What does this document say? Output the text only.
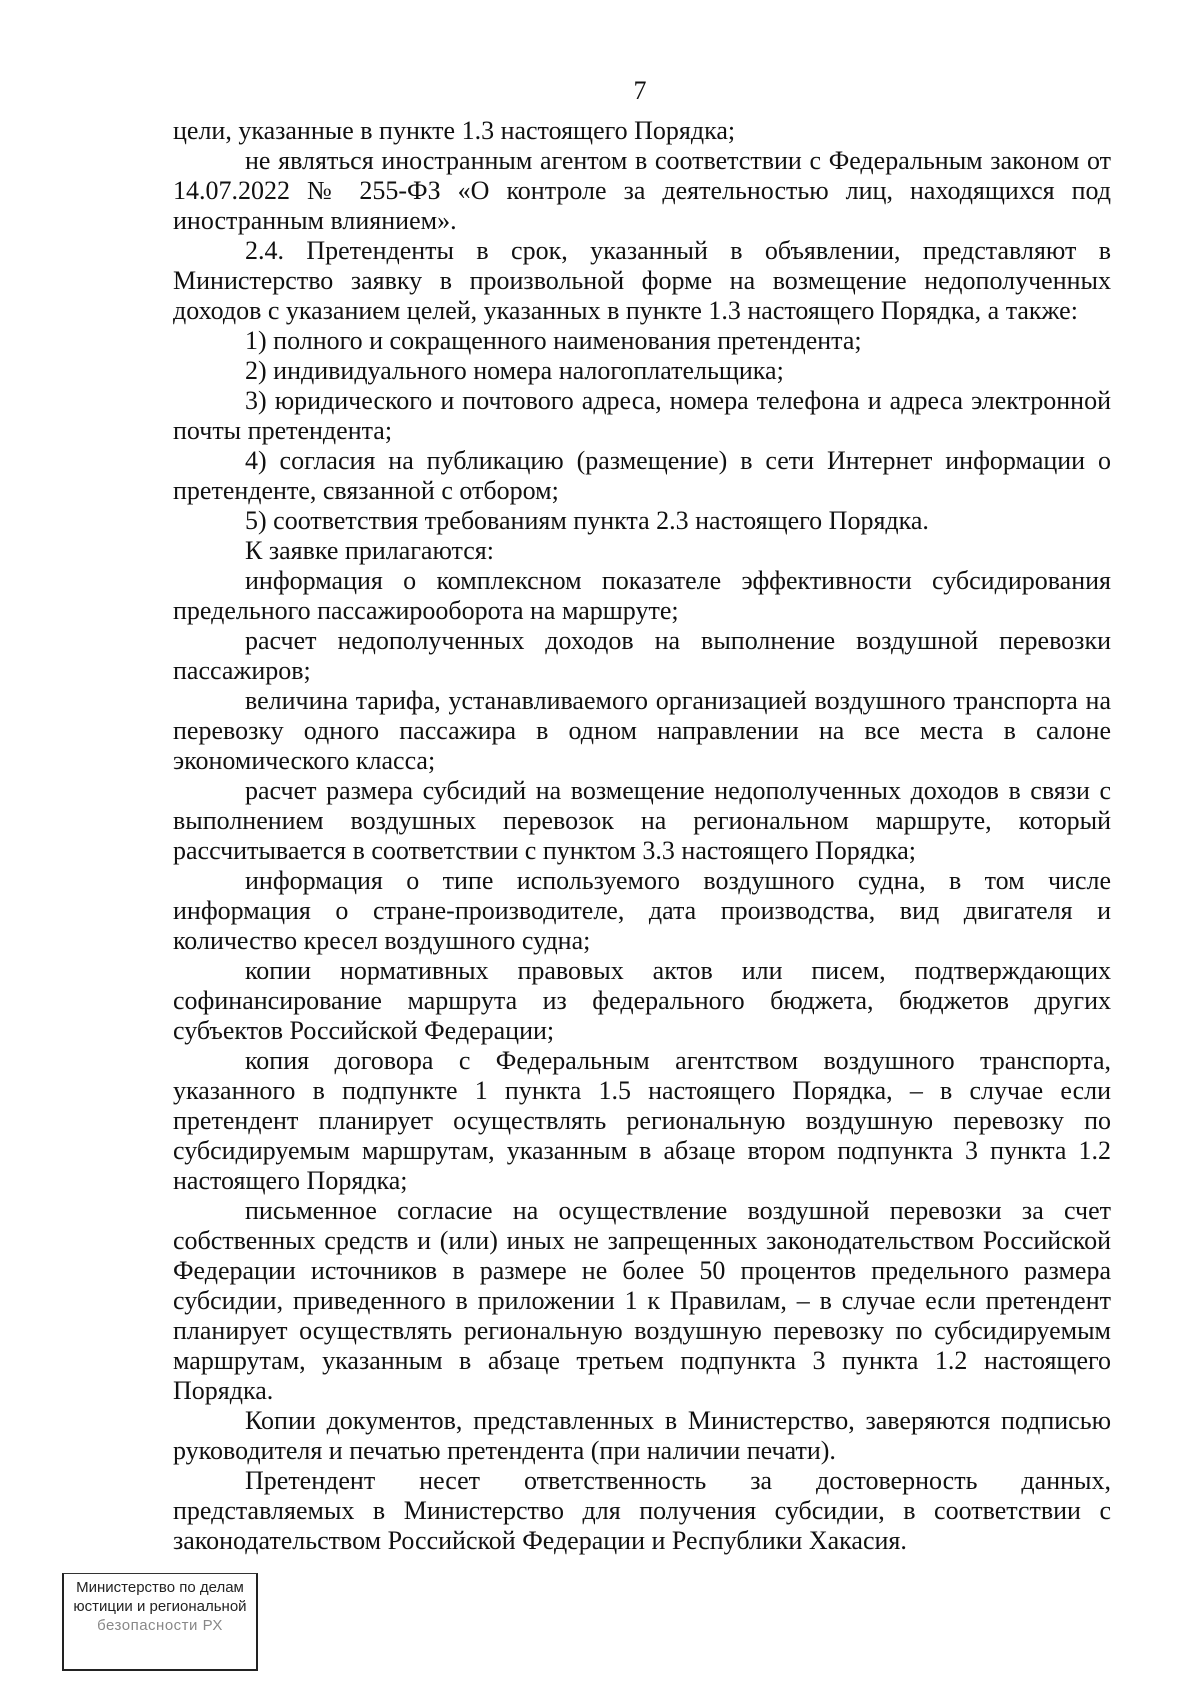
7

цели, указанные в пункте 1.3 настоящего Порядка;

не являться иностранным агентом в соответствии с Федеральным законом от 14.07.2022 № 255-ФЗ «О контроле за деятельностью лиц, находящихся под иностранным влиянием».

2.4. Претенденты в срок, указанный в объявлении, представляют в Министерство заявку в произвольной форме на возмещение недополученных доходов с указанием целей, указанных в пункте 1.3 настоящего Порядка, а также:

1) полного и сокращенного наименования претендента;

2) индивидуального номера налогоплательщика;

3) юридического и почтового адреса, номера телефона и адреса электронной почты претендента;

4) согласия на публикацию (размещение) в сети Интернет информации о претенденте, связанной с отбором;

5) соответствия требованиям пункта 2.3 настоящего Порядка.

К заявке прилагаются:

информация о комплексном показателе эффективности субсидирования предельного пассажирооборота на маршруте;

расчет недополученных доходов на выполнение воздушной перевозки пассажиров;

величина тарифа, устанавливаемого организацией воздушного транспорта на перевозку одного пассажира в одном направлении на все места в салоне экономического класса;

расчет размера субсидий на возмещение недополученных доходов в связи с выполнением воздушных перевозок на региональном маршруте, который рассчитывается в соответствии с пунктом 3.3 настоящего Порядка;

информация о типе используемого воздушного судна, в том числе информация о стране-производителе, дата производства, вид двигателя и количество кресел воздушного судна;

копии нормативных правовых актов или писем, подтверждающих софинансирование маршрута из федерального бюджета, бюджетов других субъектов Российской Федерации;

копия договора с Федеральным агентством воздушного транспорта, указанного в подпункте 1 пункта 1.5 настоящего Порядка, – в случае если претендент планирует осуществлять региональную воздушную перевозку по субсидируемым маршрутам, указанным в абзаце втором подпункта 3 пункта 1.2 настоящего Порядка;

письменное согласие на осуществление воздушной перевозки за счет собственных средств и (или) иных не запрещенных законодательством Российской Федерации источников в размере не более 50 процентов предельного размера субсидии, приведенного в приложении 1 к Правилам, – в случае если претендент планирует осуществлять региональную воздушную перевозку по субсидируемым маршрутам, указанным в абзаце третьем подпункта 3 пункта 1.2 настоящего Порядка.

Копии документов, представленных в Министерство, заверяются подписью руководителя и печатью претендента (при наличии печати).

Претендент несет ответственность за достоверность данных, представляемых в Министерство для получения субсидии, в соответствии с законодательством Российской Федерации и Республики Хакасия.

Министерство по делам
юстиции и региональной
безопасности РХ
